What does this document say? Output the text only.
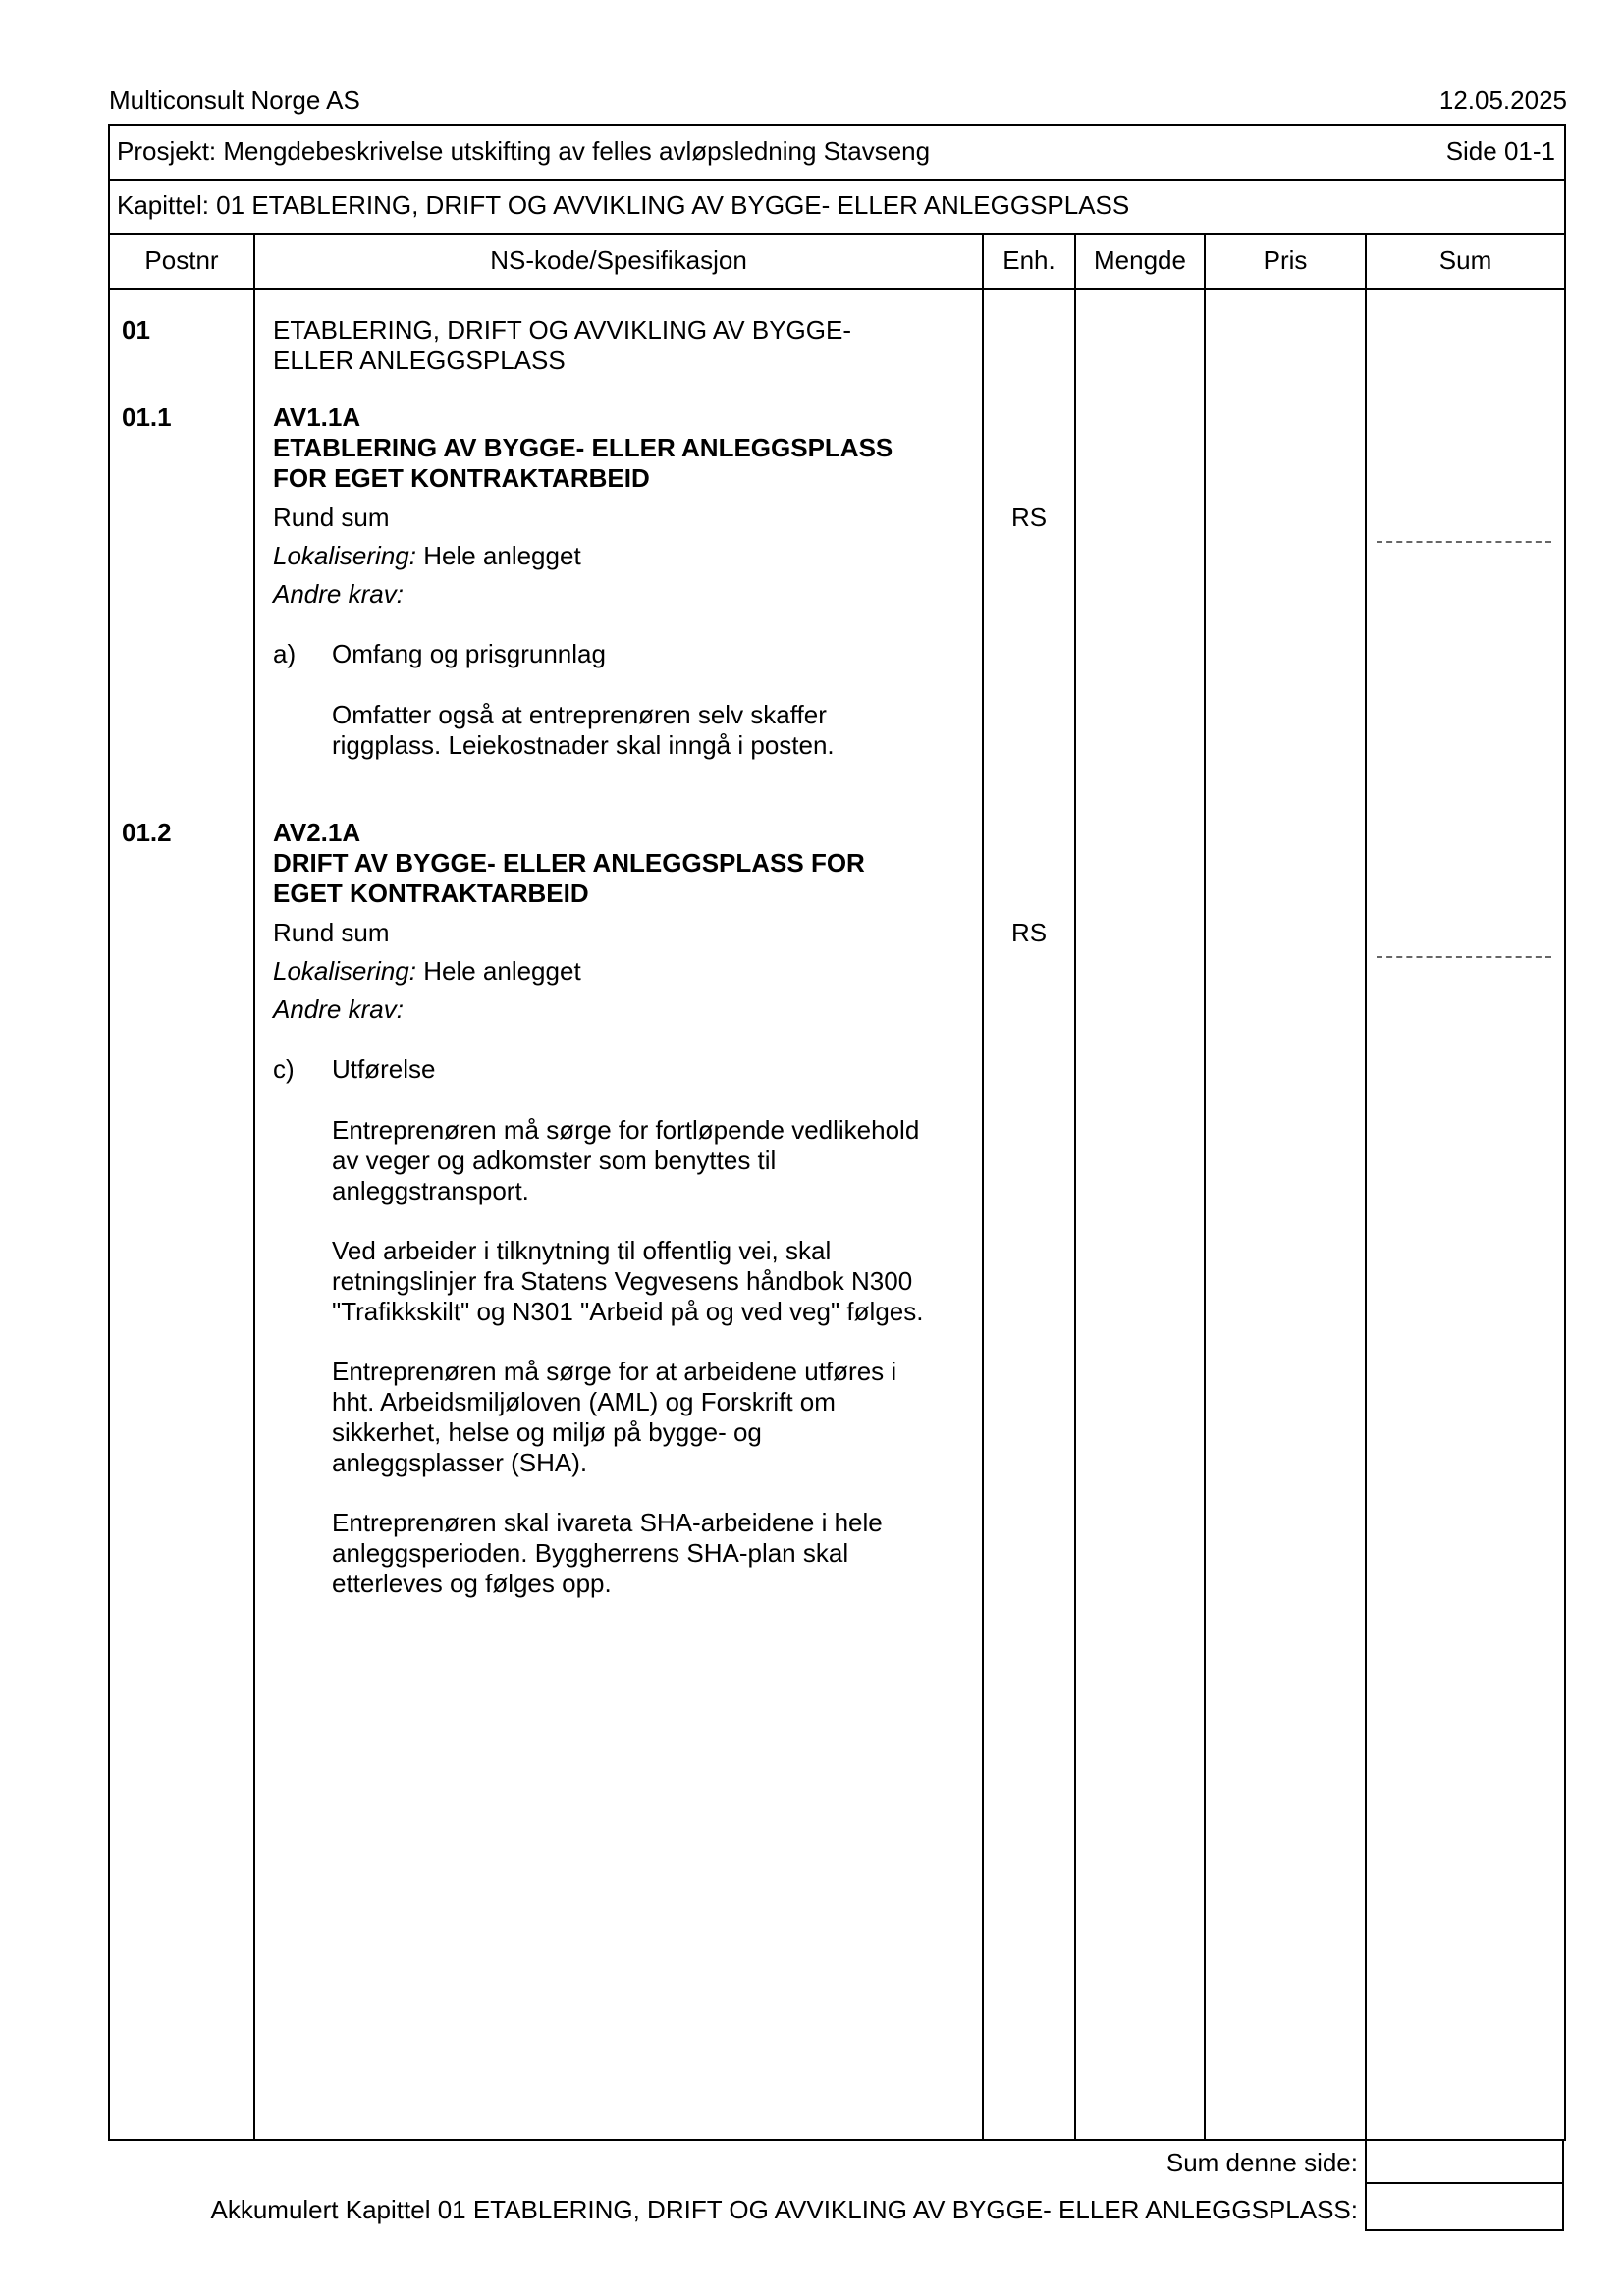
Multiconsult Norge AS	12.05.2025
Prosjekt: Mengdebeskrivelse utskifting av felles avløpsledning Stavseng	Side 01-1
Kapittel: 01 ETABLERING, DRIFT OG AVVIKLING AV BYGGE- ELLER ANLEGGSPLASS
Postnr	NS-kode/Spesifikasjon	Enh.	Mengde	Pris	Sum
01	ETABLERING, DRIFT OG AVVIKLING AV BYGGE-
ELLER ANLEGGSPLASS
01.1	AV1.1A
ETABLERING AV BYGGE- ELLER ANLEGGSPLASS
FOR EGET KONTRAKTARBEID
Rund sum	RS
Lokalisering: Hele anlegget
Andre krav:
a) Omfang og prisgrunnlag
Omfatter også at entreprenøren selv skaffer
riggplass. Leiekostnader skal inngå i posten.
01.2	AV2.1A
DRIFT AV BYGGE- ELLER ANLEGGSPLASS FOR
EGET KONTRAKTARBEID
Rund sum	RS
Lokalisering: Hele anlegget
Andre krav:
c) Utførelse
Entreprenøren må sørge for fortløpende vedlikehold
av veger og adkomster som benyttes til
anleggstransport.
Ved arbeider i tilknytning til offentlig vei, skal
retningslinjer fra Statens Vegvesens håndbok N300
"Trafikkskilt" og N301 "Arbeid på og ved veg" følges.
Entreprenøren må sørge for at arbeidene utføres i
hht. Arbeidsmiljøloven (AML) og Forskrift om
sikkerhet, helse og miljø på bygge- og
anleggsplasser (SHA).
Entreprenøren skal ivareta SHA-arbeidene i hele
anleggsperioden. Byggherrens SHA-plan skal
etterleves og følges opp.
Sum denne side:
Akkumulert Kapittel 01 ETABLERING, DRIFT OG AVVIKLING AV BYGGE- ELLER ANLEGGSPLASS:
